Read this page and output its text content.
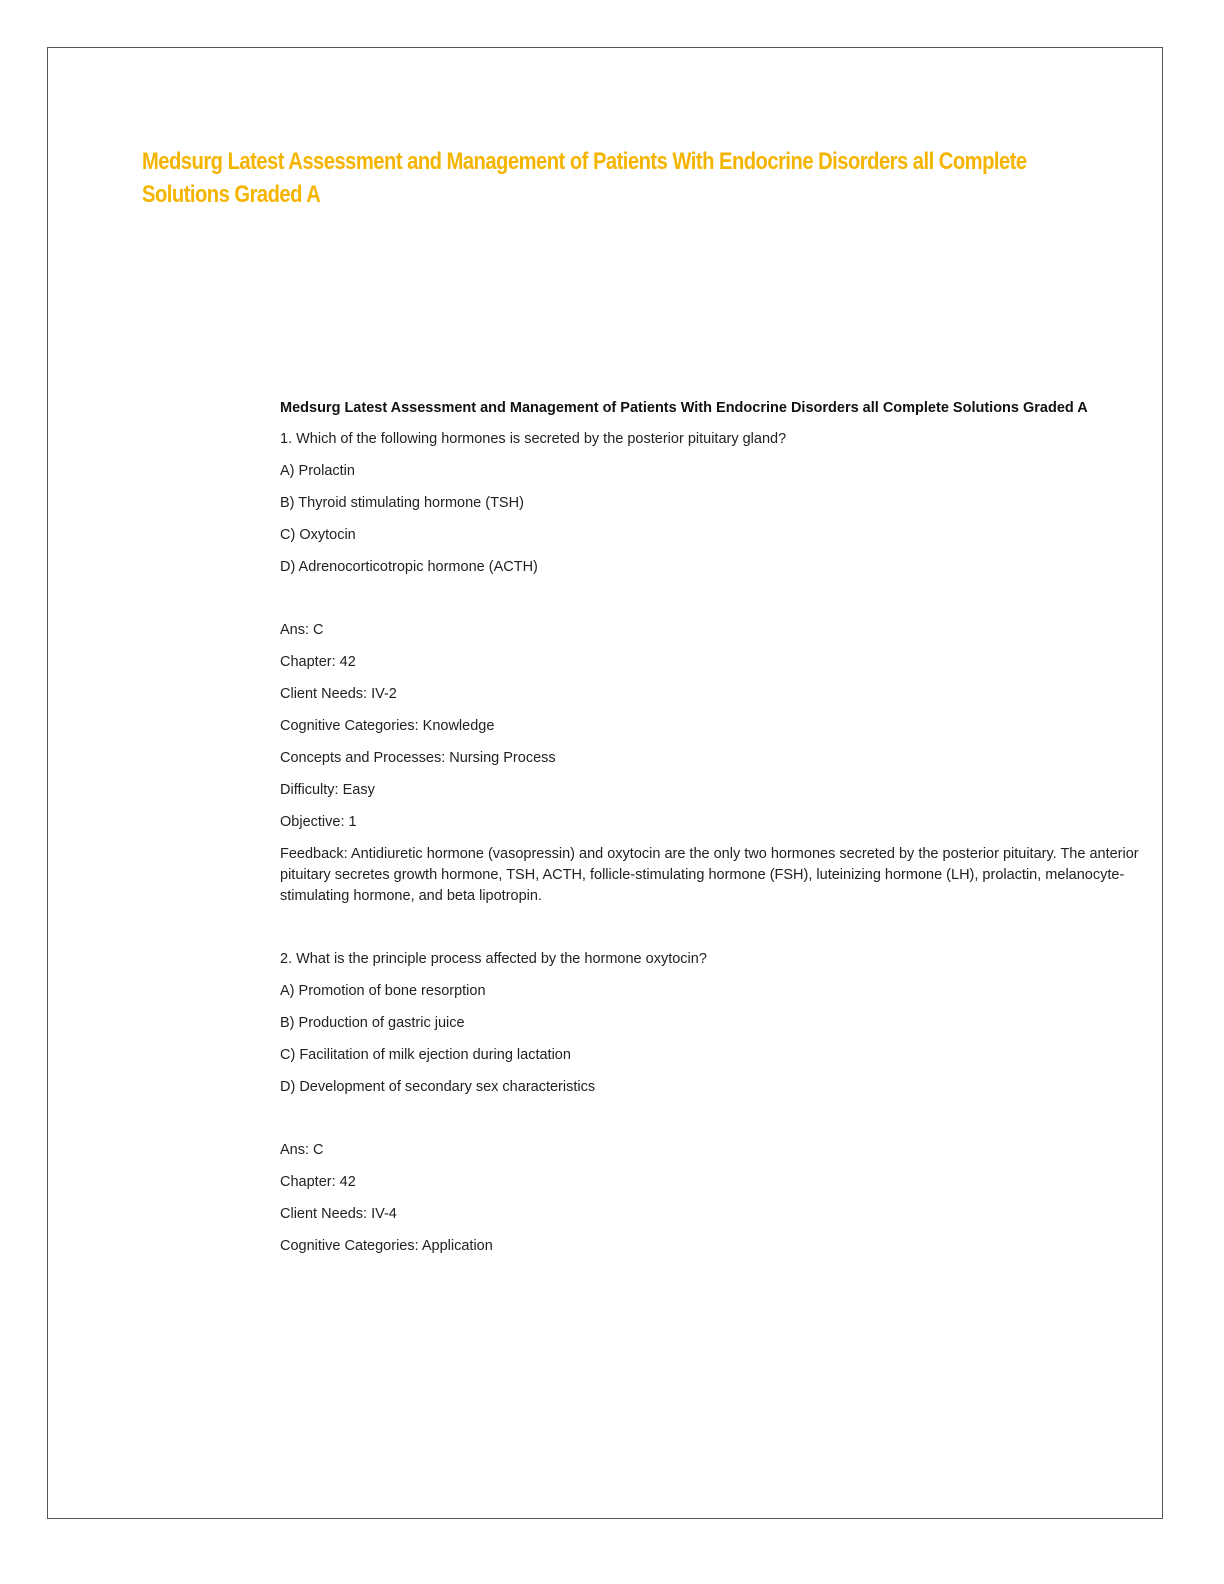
Medsurg Latest Assessment and Management of Patients With Endocrine Disorders all Complete Solutions Graded A
Medsurg Latest Assessment and Management of Patients With Endocrine Disorders all Complete Solutions Graded A
1. Which of the following hormones is secreted by the posterior pituitary gland?
A) Prolactin
B) Thyroid stimulating hormone (TSH)
C) Oxytocin
D) Adrenocorticotropic hormone (ACTH)
Ans: C
Chapter: 42
Client Needs: IV-2
Cognitive Categories: Knowledge
Concepts and Processes: Nursing Process
Difficulty: Easy
Objective: 1
Feedback: Antidiuretic hormone (vasopressin) and oxytocin are the only two hormones secreted by the posterior pituitary. The anterior pituitary secretes growth hormone, TSH, ACTH, follicle-stimulating hormone (FSH), luteinizing hormone (LH), prolactin, melanocyte-stimulating hormone, and beta lipotropin.
2. What is the principle process affected by the hormone oxytocin?
A) Promotion of bone resorption
B) Production of gastric juice
C) Facilitation of milk ejection during lactation
D) Development of secondary sex characteristics
Ans: C
Chapter: 42
Client Needs: IV-4
Cognitive Categories: Application
